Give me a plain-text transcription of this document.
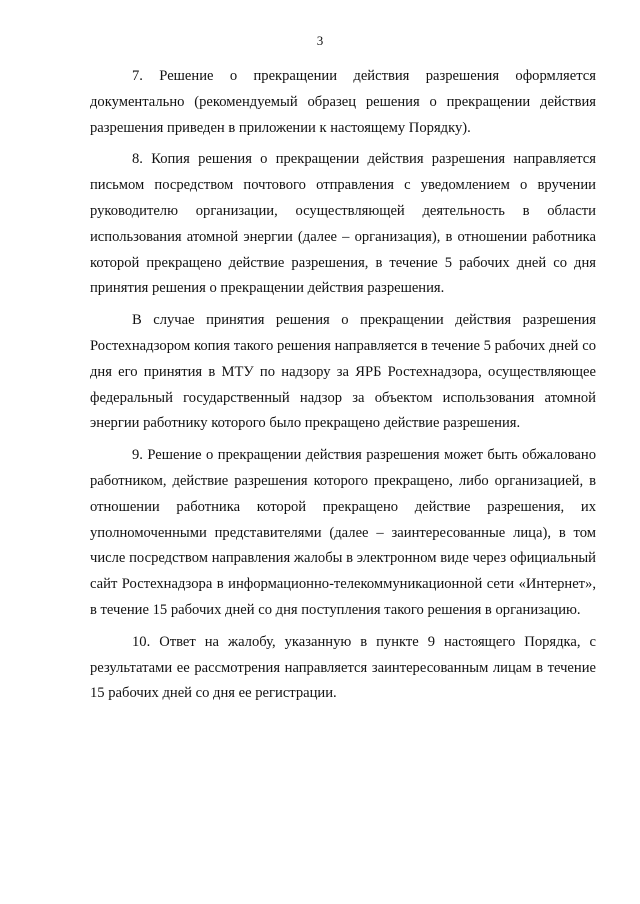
3

7. Решение о прекращении действия разрешения оформляется документально (рекомендуемый образец решения о прекращении действия разрешения приведен в приложении к настоящему Порядку).

8. Копия решения о прекращении действия разрешения направляется письмом посредством почтового отправления с уведомлением о вручении руководителю организации, осуществляющей деятельность в области использования атомной энергии (далее – организация), в отношении работника которой прекращено действие разрешения, в течение 5 рабочих дней со дня принятия решения о прекращении действия разрешения.

В случае принятия решения о прекращении действия разрешения Ростехнадзором копия такого решения направляется в течение 5 рабочих дней со дня его принятия в МТУ по надзору за ЯРБ Ростехнадзора, осуществляющее федеральный государственный надзор за объектом использования атомной энергии работнику которого было прекращено действие разрешения.

9. Решение о прекращении действия разрешения может быть обжаловано работником, действие разрешения которого прекращено, либо организацией, в отношении работника которой прекращено действие разрешения, их уполномоченными представителями (далее – заинтересованные лица), в том числе посредством направления жалобы в электронном виде через официальный сайт Ростехнадзора в информационно-телекоммуникационной сети «Интернет», в течение 15 рабочих дней со дня поступления такого решения в организацию.

10. Ответ на жалобу, указанную в пункте 9 настоящего Порядка, с результатами ее рассмотрения направляется заинтересованным лицам в течение 15 рабочих дней со дня ее регистрации.
